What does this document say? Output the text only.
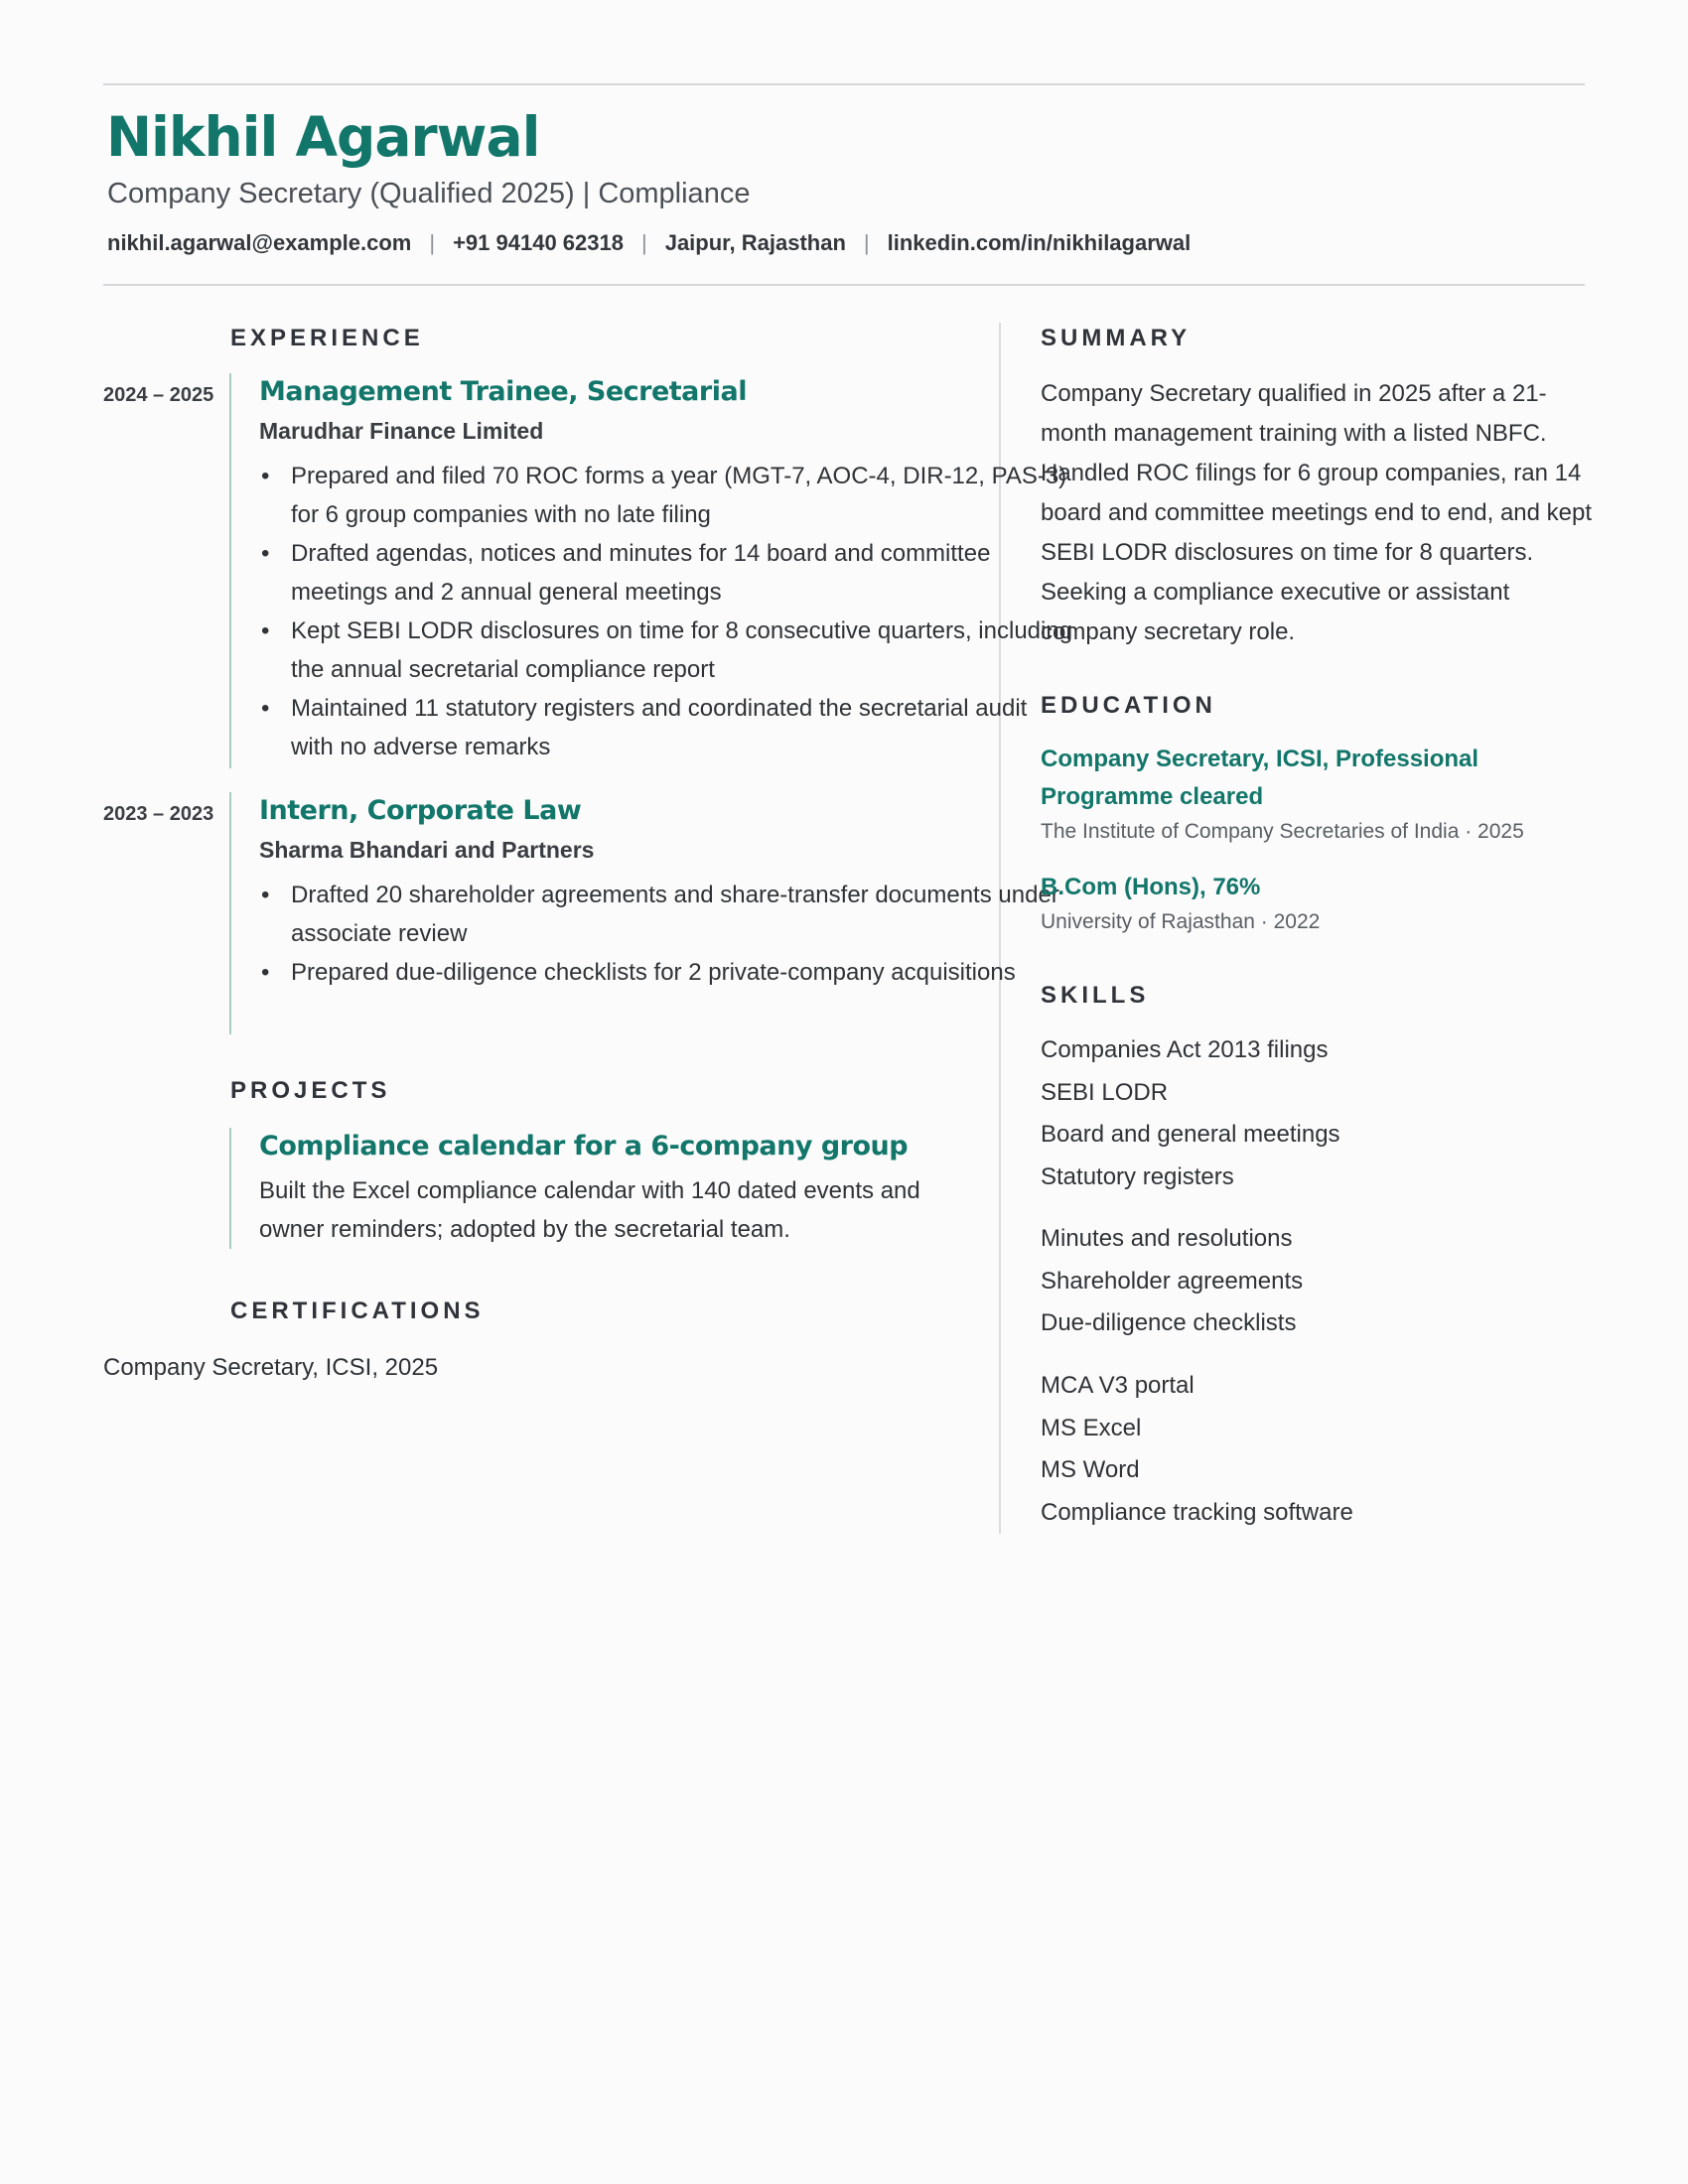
Nikhil Agarwal
Company Secretary (Qualified 2025) | Compliance
nikhil.agarwal@example.com | +91 94140 62318 | Jaipur, Rajasthan | linkedin.com/in/nikhilagarwal
EXPERIENCE
2024 – 2025 Management Trainee, Secretarial
Marudhar Finance Limited
• Prepared and filed 70 ROC forms a year (MGT-7, AOC-4, DIR-12, PAS-3) for 6 group companies with no late filing
• Drafted agendas, notices and minutes for 14 board and committee meetings and 2 annual general meetings
• Kept SEBI LODR disclosures on time for 8 consecutive quarters, including the annual secretarial compliance report
• Maintained 11 statutory registers and coordinated the secretarial audit with no adverse remarks
2023 – 2023 Intern, Corporate Law
Sharma Bhandari and Partners
• Drafted 20 shareholder agreements and share-transfer documents under associate review
• Prepared due-diligence checklists for 2 private-company acquisitions
PROJECTS
Compliance calendar for a 6-company group
Built the Excel compliance calendar with 140 dated events and owner reminders; adopted by the secretarial team.
CERTIFICATIONS
Company Secretary, ICSI, 2025
SUMMARY

Company Secretary qualified in 2025 after a 21-month management training with a listed NBFC. Handled ROC filings for 6 group companies, ran 14 board and committee meetings end to end, and kept SEBI LODR disclosures on time for 8 quarters. Seeking a compliance executive or assistant company secretary role.

EDUCATION
Company Secretary, ICSI, Professional Programme cleared
The Institute of Company Secretaries of India · 2025
B.Com (Hons), 76%
University of Rajasthan · 2022
SKILLS
Companies Act 2013 filings
SEBI LODR
Board and general meetings
Statutory registers
Minutes and resolutions
Shareholder agreements
Due-diligence checklists
MCA V3 portal
MS Excel
MS Word
Compliance tracking software
